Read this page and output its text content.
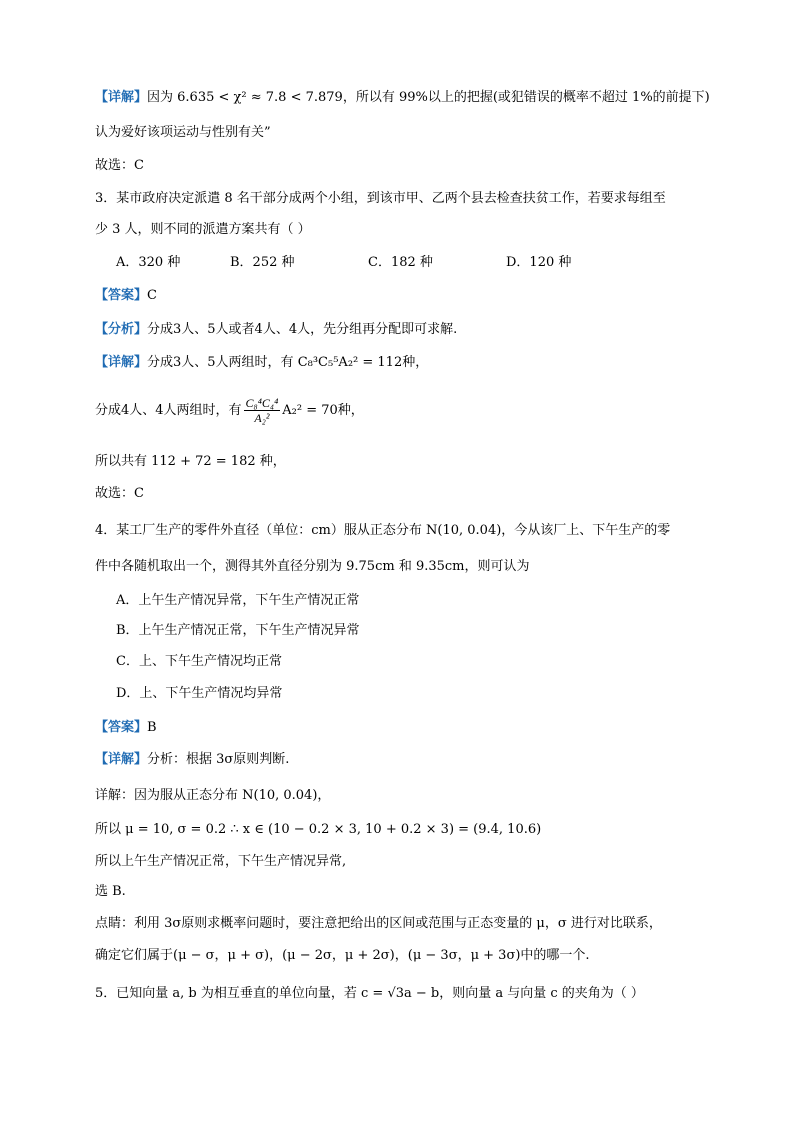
【详解】因为 6.635 < χ² ≈ 7.8 < 7.879，所以有 99%以上的把握(或犯错误的概率不超过 1%的前提下)
认为爱好该项运动与性别有关”
故选：C
3．某市政府决定派遣 8 名干部分成两个小组，到该市甲、乙两个县去检查扶贫工作，若要求每组至
少 3 人，则不同的派遣方案共有（ ）
A．320 种	B．252 种	C．182 种	D．120 种
【答案】C
【分析】分成3人、5人或者4人、4人，先分组再分配即可求解.
【详解】分成3人、5人两组时，有 C₈³C₅⁵A₂² = 112种，
分成4人、4人两组时，有 $\frac{\text{C₈⁴C₄⁴}}{\text{A₂²}} A_2^2 = 70$种，
所以共有 112 + 72 = 182 种，
故选：C
4．某工厂生产的零件外直径（单位：cm）服从正态分布 N(10, 0.04)，今从该厂上、下午生产的零
件中各随机取出一个，测得其外直径分别为 9.75cm 和 9.35cm，则可认为
A．上午生产情况异常，下午生产情况正常
B．上午生产情况正常，下午生产情况异常
C．上、下午生产情况均正常
D．上、下午生产情况均异常
【答案】B
【详解】分析：根据 3σ原则判断.
详解：因为服从正态分布 N(10, 0.04)，
所以 μ = 10, σ = 0.2 ∴ x ∈ (10 − 0.2 × 3, 10 + 0.2 × 3) = (9.4, 10.6)
所以上午生产情况正常，下午生产情况异常,
选 B.
点睛：利用 3σ原则求概率问题时，要注意把给出的区间或范围与正态变量的 μ，σ 进行对比联系，
确定它们属于(μ − σ，μ + σ)，(μ − 2σ，μ + 2σ)，(μ − 3σ，μ + 3σ)中的哪一个.
5．已知向量 a, b 为相互垂直的单位向量，若 c = √3a − b，则向量 a 与向量 c 的夹角为（ ）
